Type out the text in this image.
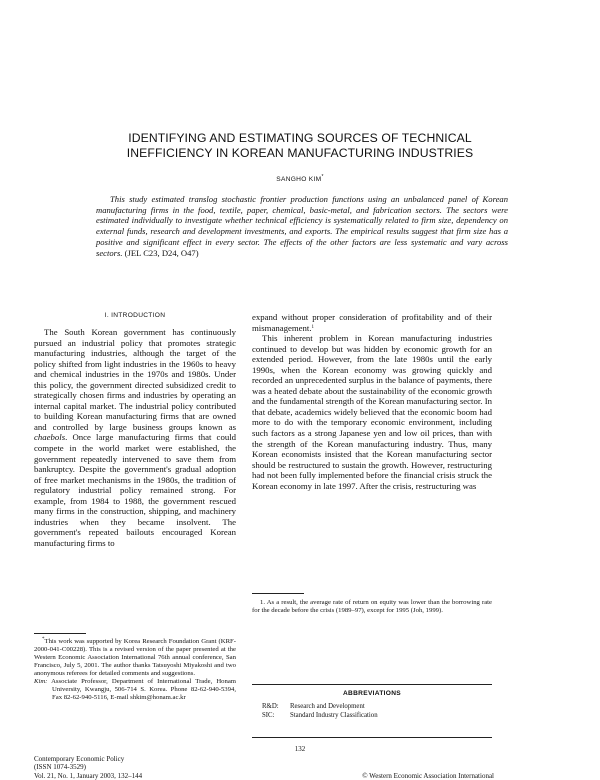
IDENTIFYING AND ESTIMATING SOURCES OF TECHNICAL
INEFFICIENCY IN KOREAN MANUFACTURING INDUSTRIES
SANGHO KIM*

This study estimated translog stochastic frontier production functions using an unbalanced panel of Korean manufacturing firms in the food, textile, paper, chemical, basic-metal, and fabrication sectors. The sectors were estimated individually to investigate whether technical efficiency is systematically related to firm size, dependency on external funds, research and development investments, and exports. The empirical results suggest that firm size has a positive and significant effect in every sector. The effects of the other factors are less systematic and vary across sectors. (JEL C23, D24, O47)

I. INTRODUCTION

The South Korean government has continuously pursued an industrial policy that promotes strategic manufacturing industries, although the target of the policy shifted from light industries in the 1960s to heavy and chemical industries in the 1970s and 1980s. Under this policy, the government directed subsidized credit to strategically chosen firms and industries by operating an internal capital market. The industrial policy contributed to building Korean manufacturing firms that are owned and controlled by large business groups known as chaebols. Once large manufacturing firms that could compete in the world market were established, the government repeatedly intervened to save them from bankruptcy. Despite the government's gradual adoption of free market mechanisms in the 1980s, the tradition of regulatory industrial policy remained strong. For example, from 1984 to 1988, the government rescued many firms in the construction, shipping, and machinery industries when they became insolvent. The government's repeated bailouts encouraged Korean manufacturing firms to

expand without proper consideration of profitability and of their mismanagement.$^1$

This inherent problem in Korean manufacturing industries continued to develop but was hidden by economic growth for an extended period. However, from the late 1980s until the early 1990s, when the Korean economy was growing quickly and recorded an unprecedented surplus in the balance of payments, there was a heated debate about the sustainability of the economic growth and the fundamental strength of the Korean manufacturing sector. In that debate, academics widely believed that the economic boom had more to do with the temporary economic environment, including such factors as a strong Japanese yen and low oil prices, than with the strength of the Korean manufacturing industry. Thus, many Korean economists insisted that the Korean manufacturing sector should be restructured to sustain the growth. However, restructuring had not been fully implemented before the financial crisis struck the Korean economy in late 1997. After the crisis, restructuring was

*This work was supported by Korea Research Foundation Grant (KRF-2000-041-C00228). This is a revised version of the paper presented at the Western Economic Association International 76th annual conference, San Francisco, July 5, 2001. The author thanks Tatsuyoshi Miyakoshi and two anonymous referees for detailed comments and suggestions.

Kim: Associate Professor, Department of International Trade, Honam University, Kwangju, 506-714 S. Korea. Phone 82-62-940-5394, Fax 82-62-940-5116, E-mail shkim@honam.ac.kr

1. As a result, the average rate of return on equity was lower than the borrowing rate for the decade before the crisis (1989–97), except for 1995 (Joh, 1999).

ABBREVIATIONS
R&D: Research and Development
SIC: Standard Industry Classification
132
Contemporary Economic Policy
(ISSN 1074-3529)
Vol. 21, No. 1, January 2003, 132–144	© Western Economic Association International
